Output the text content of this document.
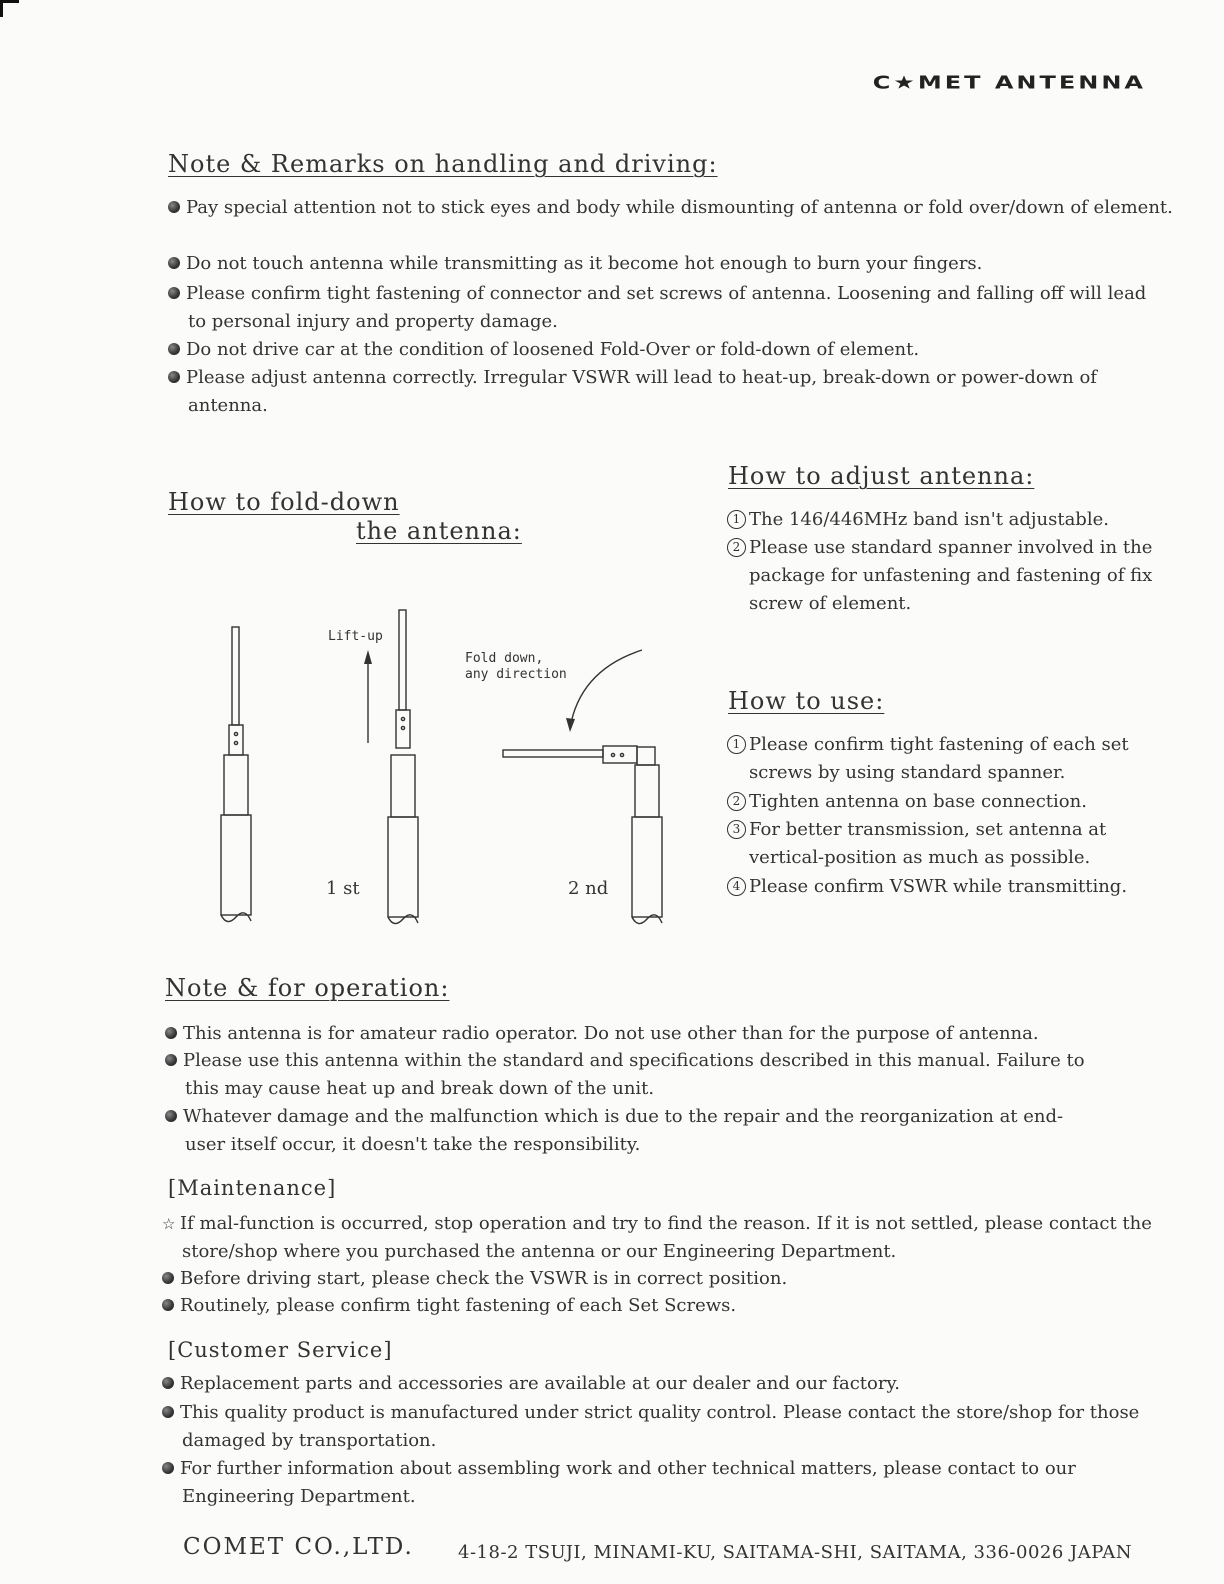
C★MET ANTENNA
Note & Remarks on handling and driving:

Pay special attention not to stick eyes and body while dismounting of antenna or fold over/down of element.

Do not touch antenna while transmitting as it become hot enough to burn your fingers.

Please confirm tight fastening of connector and set screws of antenna. Loosening and falling off will lead to personal injury and property damage.

Do not drive car at the condition of loosened Fold-Over or fold-down of element.

Please adjust antenna correctly. Irregular VSWR will lead to heat-up, break-down or power-down of antenna.

How to fold-down
the antenna:
Lift-up
Fold down,
any direction
1 st	2 nd
How to adjust antenna:

1 The 146/446MHz band isn't adjustable.

2 Please use standard spanner involved in the package for unfastening and fastening of fix screw of element.

How to use:

1 Please confirm tight fastening of each set screws by using standard spanner.

2 Tighten antenna on base connection.

3 For better transmission, set antenna at vertical-position as much as possible.

4 Please confirm VSWR while transmitting.

Note & for operation:

This antenna is for amateur radio operator. Do not use other than for the purpose of antenna.

Please use this antenna within the standard and specifications described in this manual. Failure to this may cause heat up and break down of the unit.

Whatever damage and the malfunction which is due to the repair and the reorganization at end-user itself occur, it doesn't take the responsibility.

[Maintenance]

☆ If mal-function is occurred, stop operation and try to find the reason. If it is not settled, please contact the store/shop where you purchased the antenna or our Engineering Department.

Before driving start, please check the VSWR is in correct position.

Routinely, please confirm tight fastening of each Set Screws.

[Customer Service]

Replacement parts and accessories are available at our dealer and our factory.

This quality product is manufactured under strict quality control. Please contact the store/shop for those damaged by transportation.

For further information about assembling work and other technical matters, please contact to our Engineering Department.

COMET CO.,LTD. 4-18-2 TSUJI, MINAMI-KU, SAITAMA-SHI, SAITAMA, 336-0026 JAPAN
